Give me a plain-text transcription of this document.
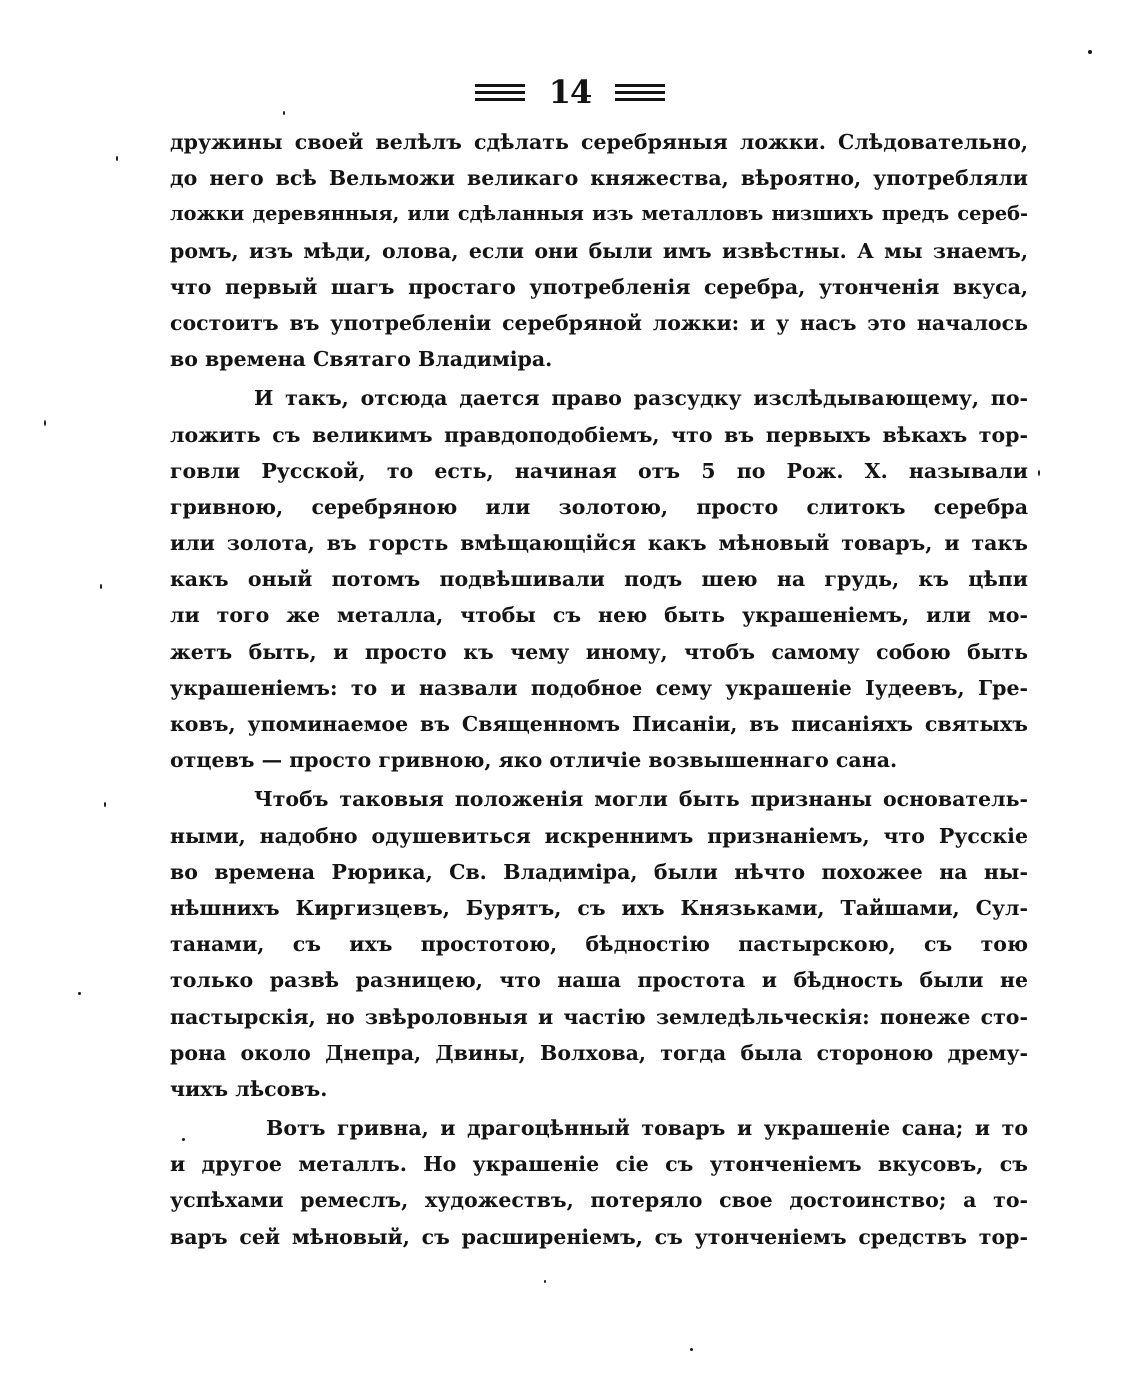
14
дружины своей велѣлъ сдѣлать серебряныя ложки. Слѣдовательно,
до него всѣ Вельможи великаго княжества, вѣроятно, употребляли
ложки деревянныя, или сдѣланныя изъ металловъ низшихъ предъ сереб-
ромъ, изъ мѣди, олова, если они были имъ извѣстны. А мы знаемъ,
что первый шагъ простаго употребленія серебра, утонченія вкуса,
состоитъ въ употребленіи серебряной ложки: и у насъ это началось
во времена Святаго Владиміра.
И такъ, отсюда дается право разсудку изслѣдывающему, по-
ложить съ великимъ правдоподобіемъ, что въ первыхъ вѣкахъ тор-
говли Русской, то есть, начиная отъ 5 по Рож. Х. называли
гривною, серебряною или золотою, просто слитокъ серебра
или золота, въ горсть вмѣщающійся какъ мѣновый товаръ, и такъ
какъ оный потомъ подвѣшивали подъ шею на грудь, къ цѣпи
ли того же металла, чтобы съ нею быть украшеніемъ, или мо-
жетъ быть, и просто къ чему иному, чтобъ самому собою быть
украшеніемъ: то и назвали подобное сему украшеніе Іудеевъ, Гре-
ковъ, упоминаемое въ Священномъ Писаніи, въ писаніяхъ святыхъ
отцевъ — просто гривною, яко отличіе возвышеннаго сана.
Чтобъ таковыя положенія могли быть признаны основатель-
ными, надобно одушевиться искреннимъ признаніемъ, что Русскіе
во времена Рюрика, Св. Владиміра, были нѣчто похожее на ны-
нѣшнихъ Киргизцевъ, Бурятъ, съ ихъ Князьками, Тайшами, Сул-
танами, съ ихъ простотою, бѣдностію пастырскою, съ тою
только развѣ разницею, что наша простота и бѣдность были не
пастырскія, но звѣроловныя и частію земледѣльческія: понеже сто-
рона около Днепра, Двины, Волхова, тогда была стороною дрему-
чихъ лѣсовъ.
Вотъ гривна, и драгоцѣнный товаръ и украшеніе сана; и то
и другое металлъ. Но украшеніе сіе съ утонченіемъ вкусовъ, съ
успѣхами ремеслъ, художествъ, потеряло свое достоинство; а то-
варъ сей мѣновый, съ расширеніемъ, съ утонченіемъ средствъ тор-
